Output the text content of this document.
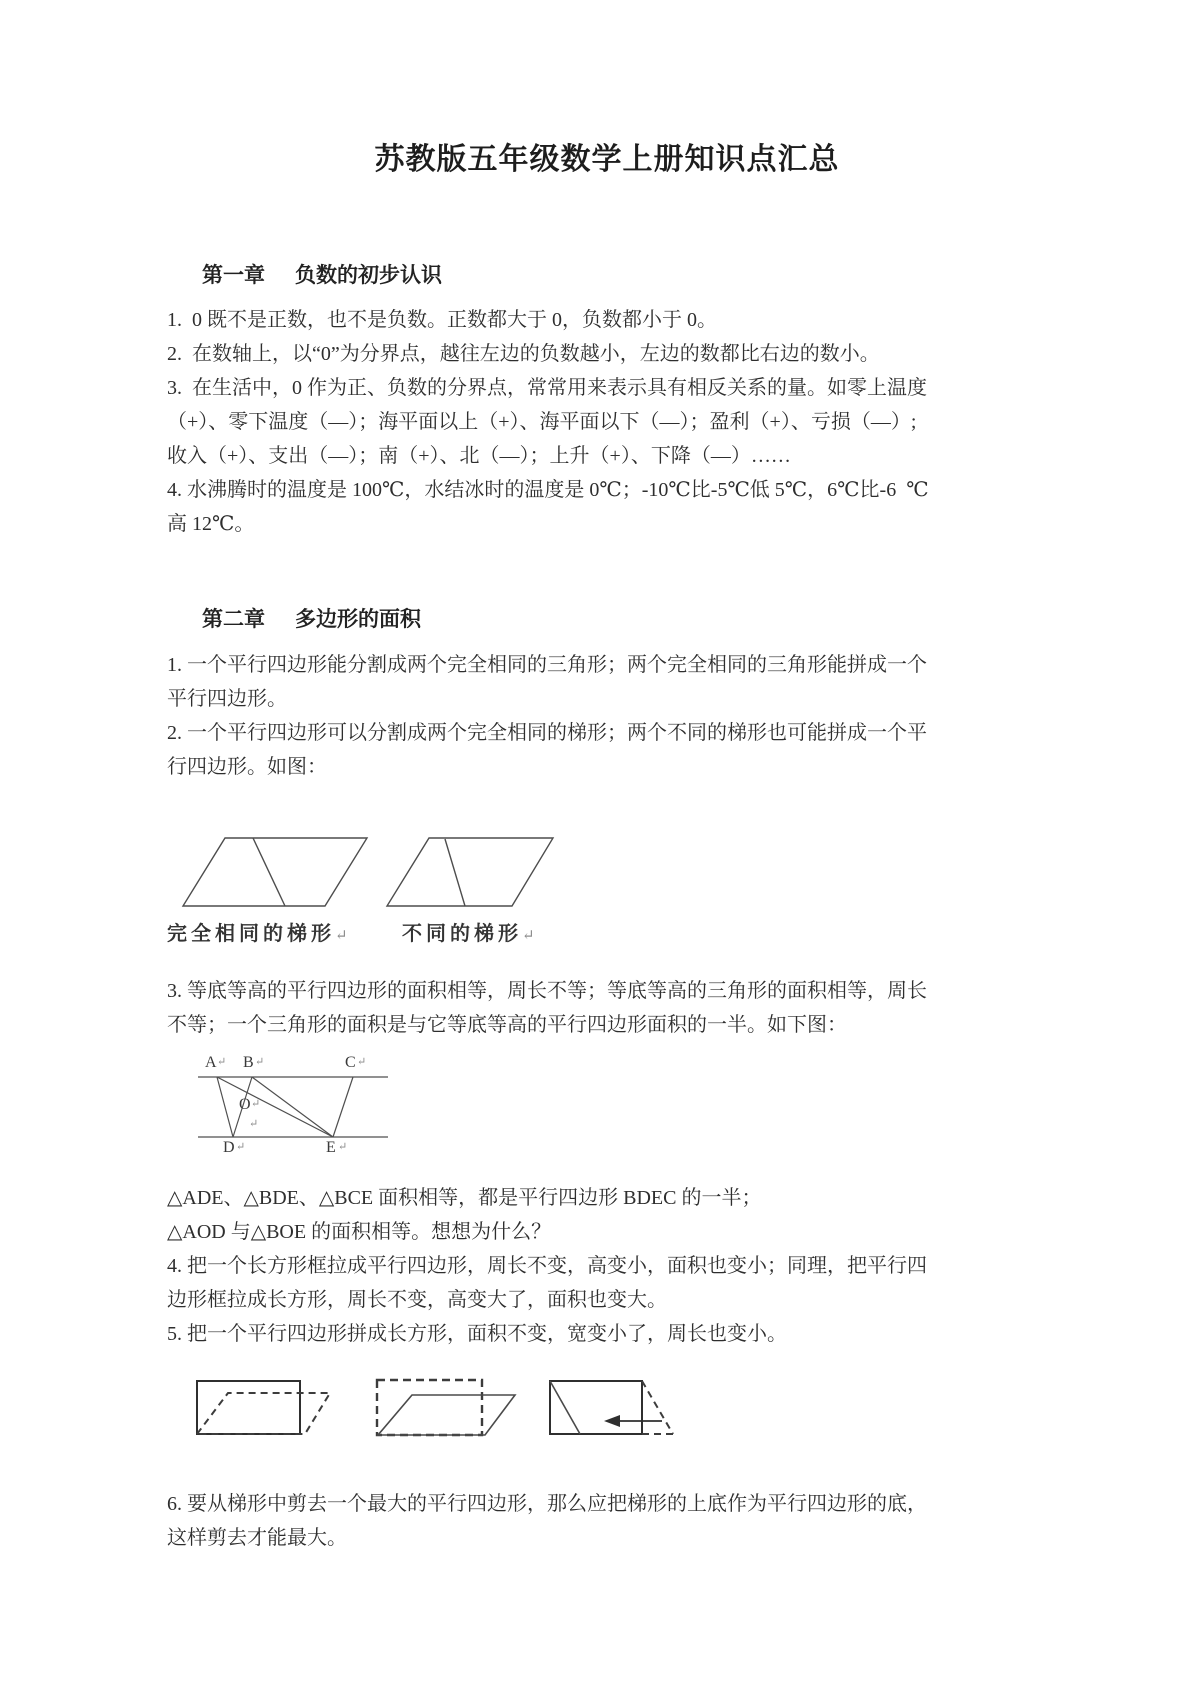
苏教版五年级数学上册知识点汇总

第一章 负数的初步认识

1.  0 既不是正数，也不是负数。正数都大于 0，负数都小于 0。
2.  在数轴上，以“0”为分界点，越往左边的负数越小，左边的数都比右边的数小。
3.  在生活中，0 作为正、负数的分界点，常常用来表示具有相反关系的量。如零上温度
（+）、零下温度（—）；海平面以上（+）、海平面以下（—）；盈利（+）、亏损（—）;
收入（+）、支出（—）；南（+）、北（—）；上升（+）、下降（—）……
4. 水沸腾时的温度是 100℃，水结冰时的温度是 0℃；-10℃比-5℃低 5℃，6℃比-6  ℃
高 12℃。

第二章 多边形的面积

1. 一个平行四边形能分割成两个完全相同的三角形；两个完全相同的三角形能拼成一个
平行四边形。
2. 一个平行四边形可以分割成两个完全相同的梯形；两个不同的梯形也可能拼成一个平
行四边形。如图：
完全相同的梯形↵	不同的梯形↵
3. 等底等高的平行四边形的面积相等，周长不等；等底等高的三角形的面积相等，周长
不等；一个三角形的面积是与它等底等高的平行四边形面积的一半。如下图：
A ↵ B ↵	C ↵
D ↵	E ↵
O ↵
↵
△ADE、△BDE、△BCE 面积相等，都是平行四边形 BDEC 的一半；
△AOD 与△BOE 的面积相等。想想为什么？
4. 把一个长方形框拉成平行四边形，周长不变，高变小，面积也变小；同理，把平行四
边形框拉成长方形，周长不变，高变大了，面积也变大。
5. 把一个平行四边形拼成长方形，面积不变，宽变小了，周长也变小。
6. 要从梯形中剪去一个最大的平行四边形，那么应把梯形的上底作为平行四边形的底，
这样剪去才能最大。
